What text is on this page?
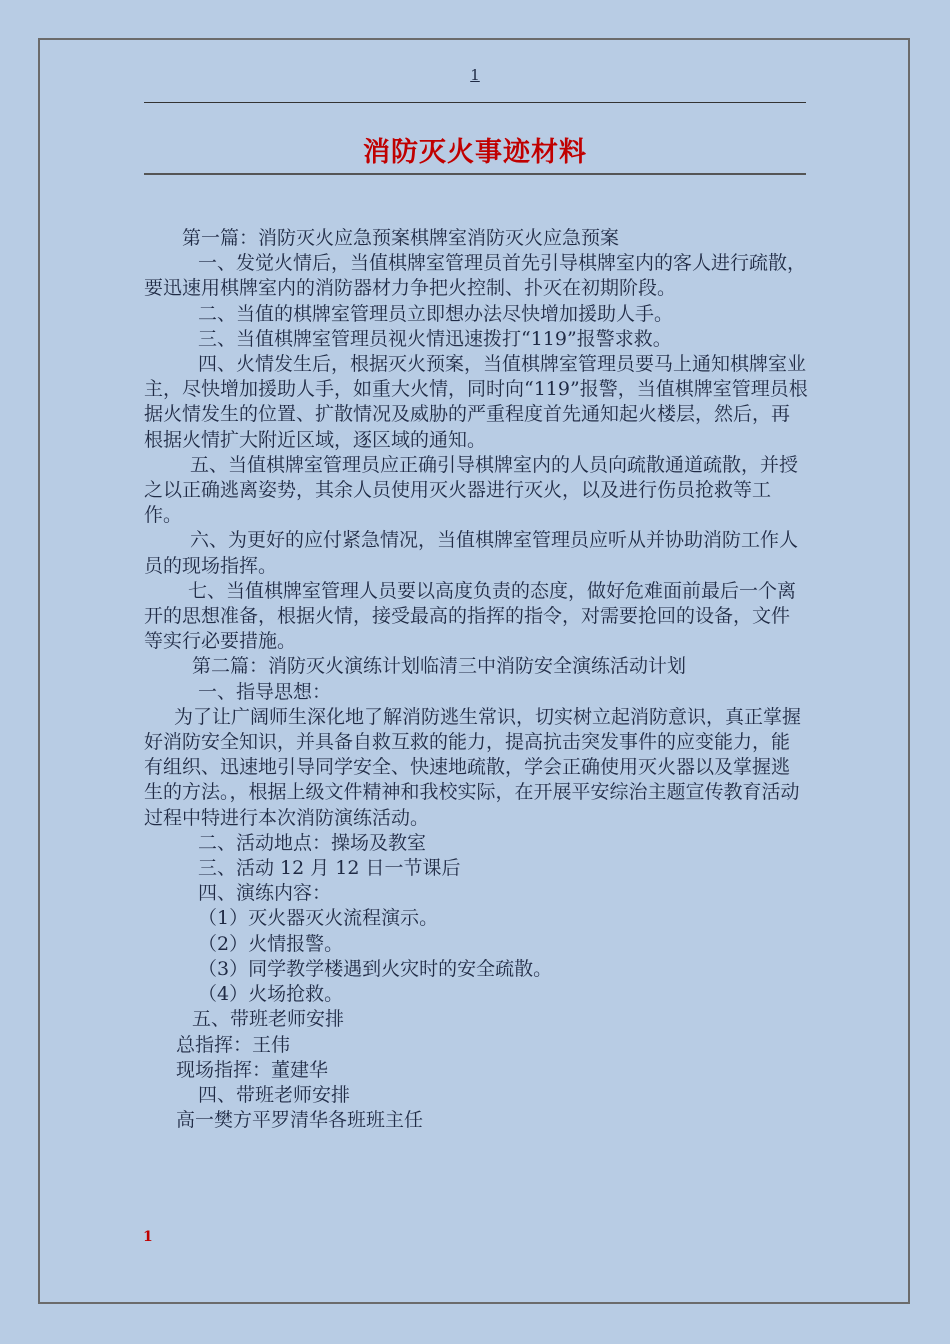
1
消防灭火事迹材料

第一篇：消防灭火应急预案棋牌室消防灭火应急预案

一、发觉火情后，当值棋牌室管理员首先引导棋牌室内的客人进行疏散，要迅速用棋牌室内的消防器材力争把火控制、扑灭在初期阶段。

二、当值的棋牌室管理员立即想办法尽快增加援助人手。

三、当值棋牌室管理员视火情迅速拨打“119”报警求救。

四、火情发生后，根据灭火预案，当值棋牌室管理员要马上通知棋牌室业主，尽快增加援助人手，如重大火情，同时向“119”报警，当值棋牌室管理员根据火情发生的位置、扩散情况及威胁的严重程度首先通知起火楼层，然后，再根据火情扩大附近区域，逐区域的通知。

五、当值棋牌室管理员应正确引导棋牌室内的人员向疏散通道疏散，并授之以正确逃离姿势，其余人员使用灭火器进行灭火，以及进行伤员抢救等工作。

六、为更好的应付紧急情况，当值棋牌室管理员应听从并协助消防工作人员的现场指挥。

七、当值棋牌室管理人员要以高度负责的态度，做好危难面前最后一个离开的思想准备，根据火情，接受最高的指挥的指令，对需要抢回的设备，文件等实行必要措施。

第二篇：消防灭火演练计划临清三中消防安全演练活动计划

一、指导思想：

为了让广阔师生深化地了解消防逃生常识，切实树立起消防意识，真正掌握好消防安全知识，并具备自救互救的能力，提高抗击突发事件的应变能力，能有组织、迅速地引导同学安全、快速地疏散，学会正确使用灭火器以及掌握逃生的方法。，根据上级文件精神和我校实际，在开展平安综治主题宣传教育活动过程中特进行本次消防演练活动。

二、活动地点：操场及教室

三、活动 12 月 12 日一节课后

四、演练内容：

（1）灭火器灭火流程演示。

（2）火情报警。

（3）同学教学楼遇到火灾时的安全疏散。

（4）火场抢救。

五、带班老师安排

总指挥：王伟

现场指挥：董建华

四、带班老师安排

高一樊方平罗清华各班班主任

1
